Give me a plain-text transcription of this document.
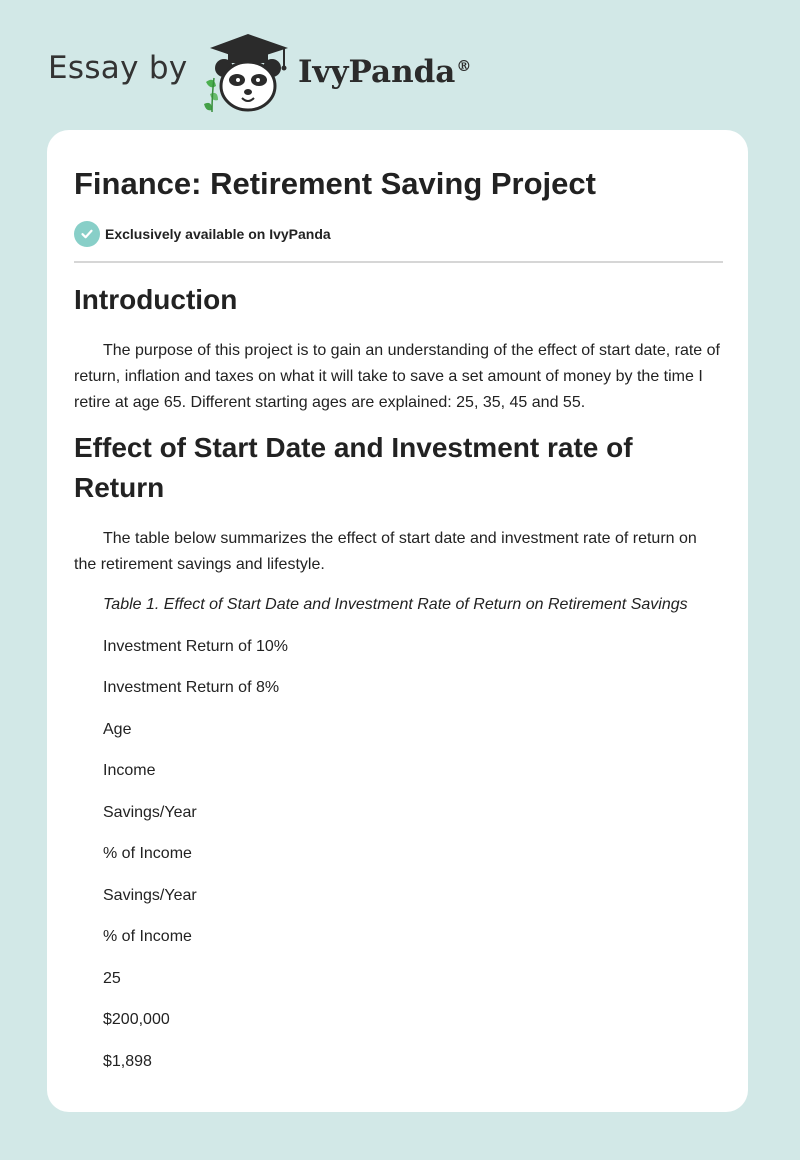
Essay by	IvyPanda®
Finance: Retirement Saving Project
Exclusively available on IvyPanda
Introduction

The purpose of this project is to gain an understanding of the effect of start date, rate of return, inflation and taxes on what it will take to save a set amount of money by the time I retire at age 65. Different starting ages are explained: 25, 35, 45 and 55.

Effect of Start Date and Investment rate of Return

The table below summarizes the effect of start date and investment rate of return on the retirement savings and lifestyle.

Table 1. Effect of Start Date and Investment Rate of Return on Retirement Savings

Investment Return of 10%

Investment Return of 8%

Age

Income

Savings/Year

% of Income

Savings/Year

% of Income

25

$200,000

$1,898
